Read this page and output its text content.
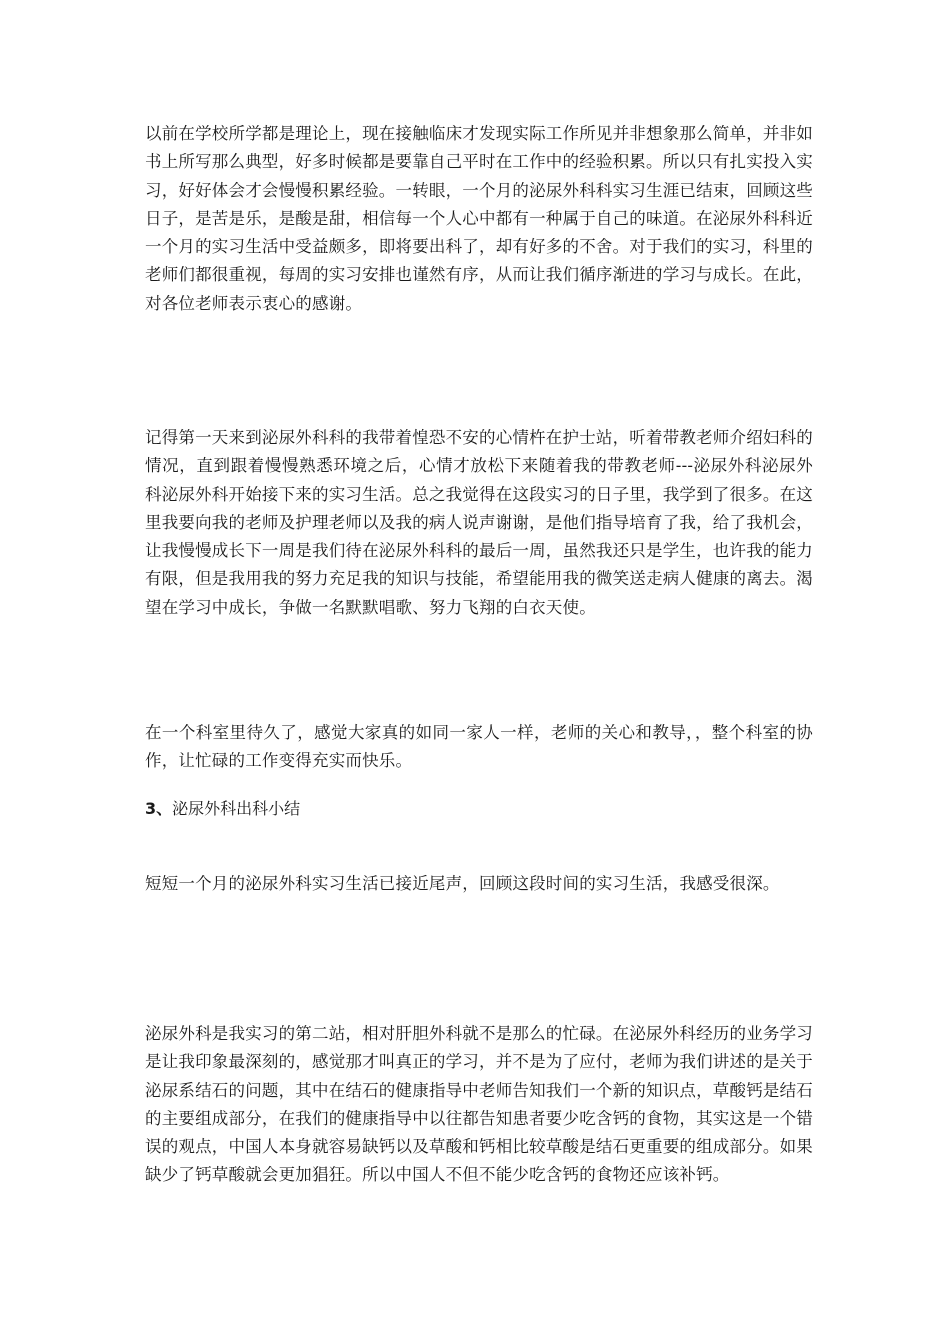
以前在学校所学都是理论上，现在接触临床才发现实际工作所见并非想象那么简单，并非如书上所写那么典型，好多时候都是要靠自己平时在工作中的经验积累。所以只有扎实投入实习，好好体会才会慢慢积累经验。一转眼，一个月的泌尿外科科实习生涯已结束，回顾这些日子，是苦是乐，是酸是甜，相信每一个人心中都有一种属于自己的味道。在泌尿外科科近一个月的实习生活中受益颇多，即将要出科了，却有好多的不舍。对于我们的实习，科里的老师们都很重视，每周的实习安排也谨然有序，从而让我们循序渐进的学习与成长。在此，对各位老师表示衷心的感谢。

记得第一天来到泌尿外科科的我带着惶恐不安的心情杵在护士站，听着带教老师介绍妇科的情况，直到跟着慢慢熟悉环境之后，心情才放松下来随着我的带教老师---泌尿外科泌尿外科泌尿外科开始接下来的实习生活。总之我觉得在这段实习的日子里，我学到了很多。在这里我要向我的老师及护理老师以及我的病人说声谢谢，是他们指导培育了我，给了我机会，让我慢慢成长下一周是我们待在泌尿外科科的最后一周，虽然我还只是学生，也许我的能力有限，但是我用我的努力充足我的知识与技能，希望能用我的微笑送走病人健康的离去。渴望在学习中成长，争做一名默默唱歌、努力飞翔的白衣天使。

在一个科室里待久了，感觉大家真的如同一家人一样，老师的关心和教导，，整个科室的协作，让忙碌的工作变得充实而快乐。

3、泌尿外科出科小结

短短一个月的泌尿外科实习生活已接近尾声，回顾这段时间的实习生活，我感受很深。

泌尿外科是我实习的第二站，相对肝胆外科就不是那么的忙碌。在泌尿外科经历的业务学习是让我印象最深刻的，感觉那才叫真正的学习，并不是为了应付，老师为我们讲述的是关于泌尿系结石的问题，其中在结石的健康指导中老师告知我们一个新的知识点，草酸钙是结石的主要组成部分，在我们的健康指导中以往都告知患者要少吃含钙的食物，其实这是一个错误的观点，中国人本身就容易缺钙以及草酸和钙相比较草酸是结石更重要的组成部分。如果缺少了钙草酸就会更加猖狂。所以中国人不但不能少吃含钙的食物还应该补钙。
